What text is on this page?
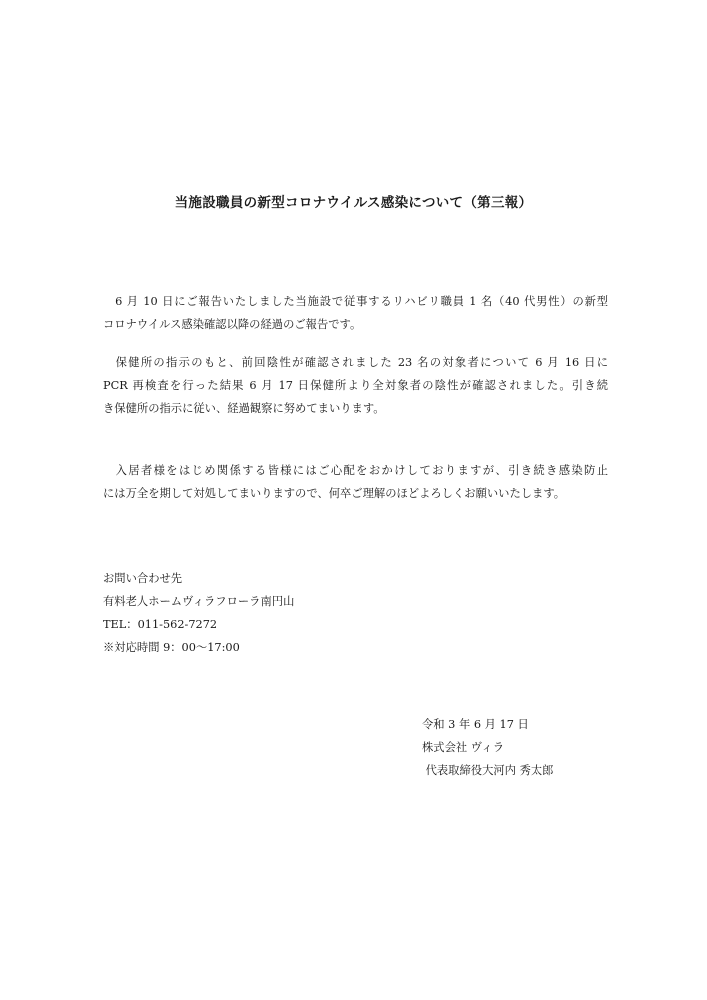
当施設職員の新型コロナウイルス感染について（第三報）
　6 月 10 日にご報告いたしました当施設で従事するリハビリ職員 1 名（40 代男性）の新型
コロナウイルス感染確認以降の経過のご報告です。
　保健所の指示のもと、前回陰性が確認されました 23 名の対象者について 6 月 16 日に
PCR 再検査を行った結果 6 月 17 日保健所より全対象者の陰性が確認されました。引き続
き保健所の指示に従い、経過観察に努めてまいります。
　入居者様をはじめ関係する皆様にはご心配をおかけしておりますが、引き続き感染防止
には万全を期して対処してまいりますので、何卒ご理解のほどよろしくお願いいたします。
お問い合わせ先
有料老人ホームヴィラフローラ南円山
TEL：011-562-7272
※対応時間 9：00～17:00
令和 3 年 6 月 17 日
株式会社 ヴィラ
代表取締役大河内 秀太郎
